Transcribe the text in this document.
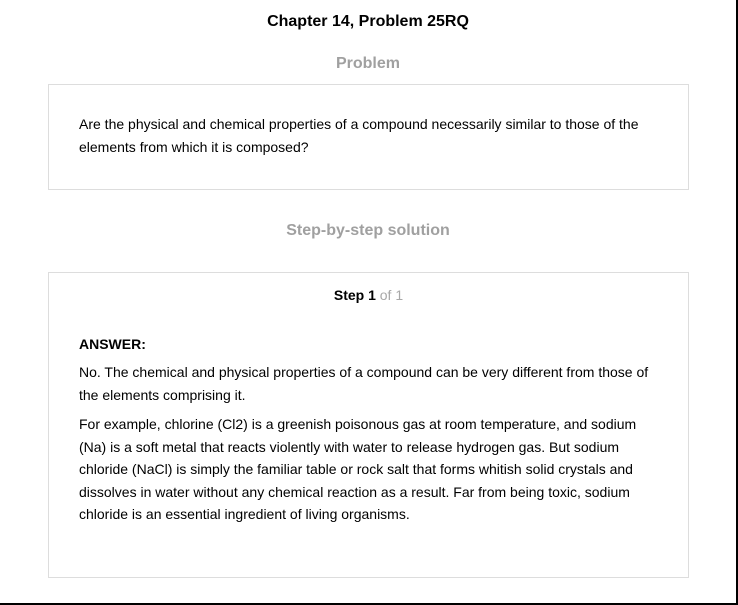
Chapter 14, Problem 25RQ
Problem

Are the physical and chemical properties of a compound necessarily similar to those of the elements from which it is composed?

Step-by-step solution
Step 1 of 1
ANSWER:

No. The chemical and physical properties of a compound can be very different from those of the elements comprising it.

For example, chlorine (Cl2) is a greenish poisonous gas at room temperature, and sodium (Na) is a soft metal that reacts violently with water to release hydrogen gas. But sodium chloride (NaCl) is simply the familiar table or rock salt that forms whitish solid crystals and dissolves in water without any chemical reaction as a result. Far from being toxic, sodium chloride is an essential ingredient of living organisms.
